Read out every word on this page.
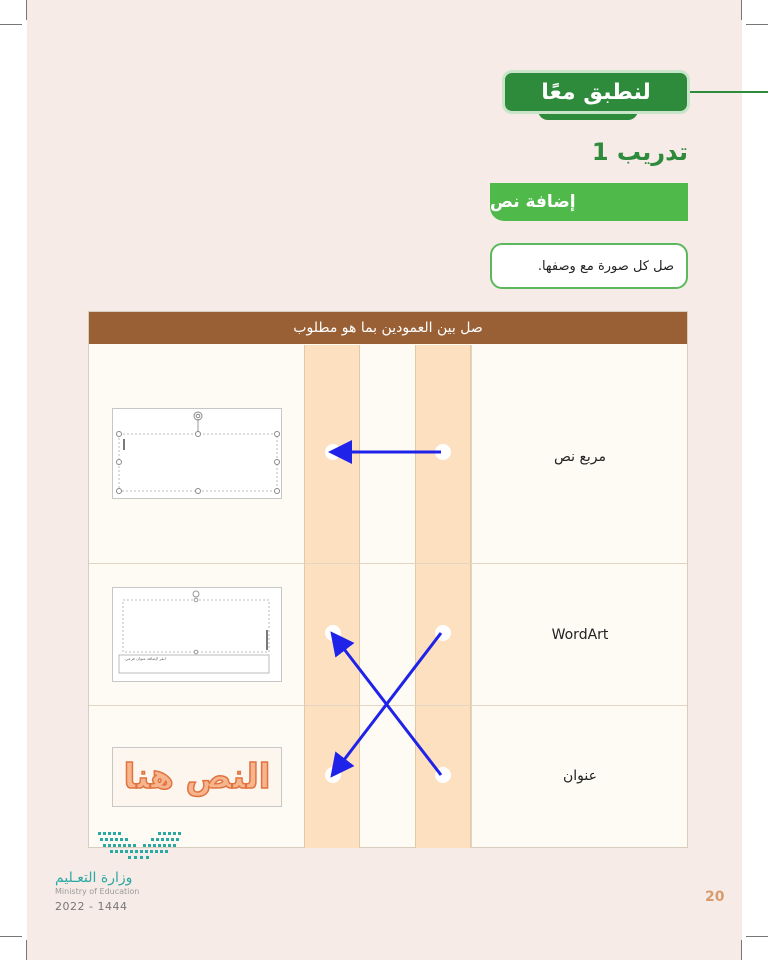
لنطبق معًا
تدريب 1
إضافة نص
صل كل صورة مع وصفها.
صل بين العمودين بما هو مطلوب
مربع نص
WordArt
عنوان
انقر لإضافة عنوان فرعي
النص هنا
وزارة التعـليم
Ministry of Education
2022 - 1444
20
